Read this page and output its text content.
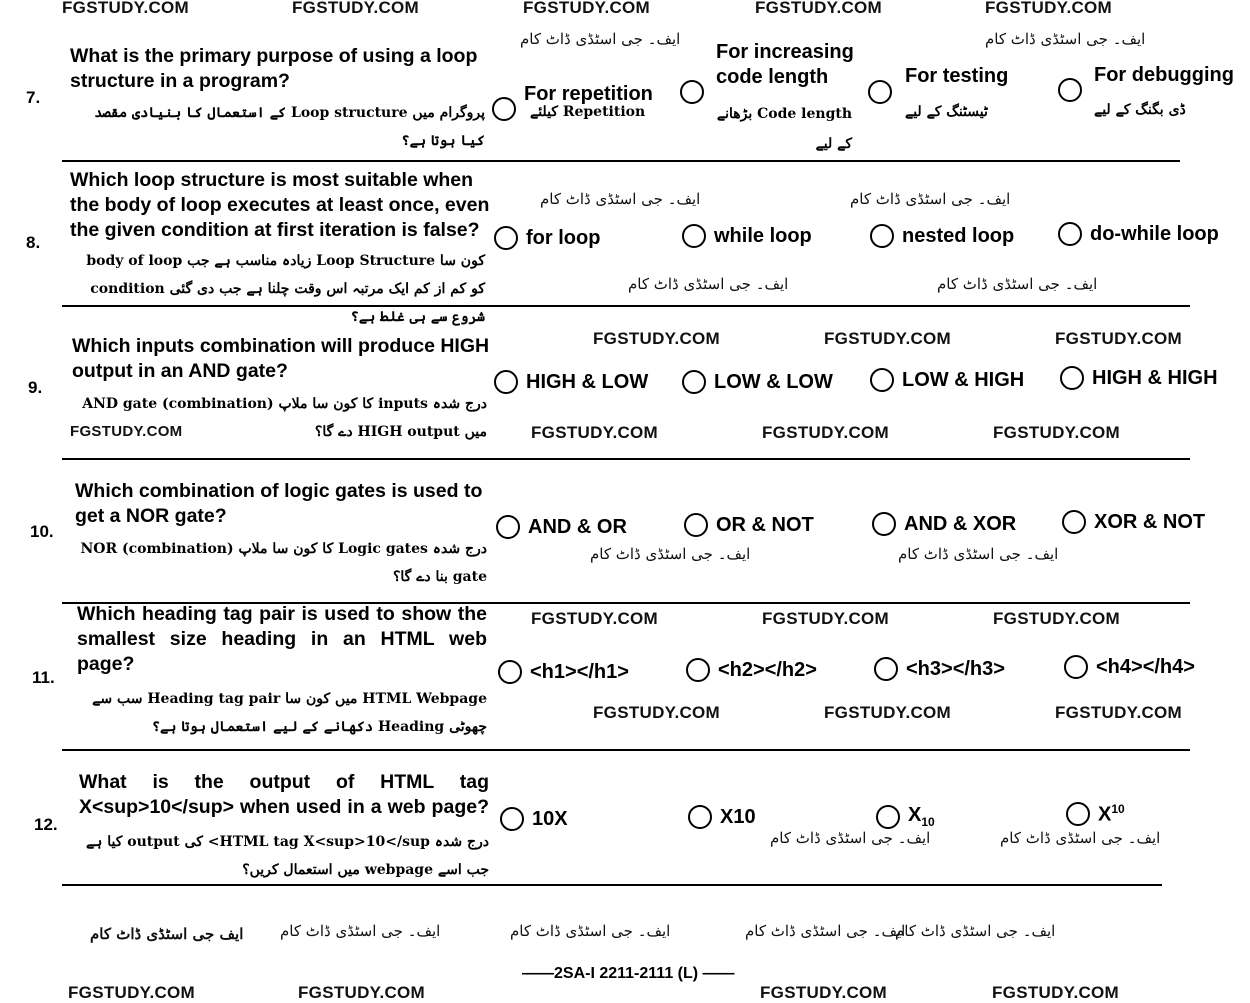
FGSTUDY.COM	FGSTUDY.COM	FGSTUDY.COM	FGSTUDY.COM	FGSTUDY.COM
FGSTUDY.COM	FGSTUDY.COM	FGSTUDY.COM
FGSTUDY.COM	FGSTUDY.COM	FGSTUDY.COM	FGSTUDY.COM
FGSTUDY.COM	FGSTUDY.COM	FGSTUDY.COM
FGSTUDY.COM	FGSTUDY.COM	FGSTUDY.COM
FGSTUDY.COM	FGSTUDY.COM	FGSTUDY.COM	FGSTUDY.COM
ایف۔ جی اسٹڈی ڈاٹ کام	ایف۔ جی اسٹڈی ڈاٹ کام
ایف۔ جی اسٹڈی ڈاٹ کام	ایف۔ جی اسٹڈی ڈاٹ کام
ایف۔ جی اسٹڈی ڈاٹ کام	ایف۔ جی اسٹڈی ڈاٹ کام
ایف۔ جی اسٹڈی ڈاٹ کام	ایف۔ جی اسٹڈی ڈاٹ کام
ایف۔ جی اسٹڈی ڈاٹ کام	ایف۔ جی اسٹڈی ڈاٹ کام
7.
What is the primary purpose of using a loop structure in a program?
پروگرام میں Loop structure کے استعمال کا بنیادی مقصد کیا ہوتا ہے؟
For repetition
Repetition کیلئے
For increasing code length
Code length بڑھانے کے لیے
For testing
ٹیسٹنگ کے لیے
For debugging
ڈی بگنگ کے لیے
8.
Which loop structure is most suitable when the body of loop executes at least once, even the given condition at first iteration is false?
کون سا Loop Structure زیادہ مناسب ہے جب body of loop کو کم از کم ایک مرتبہ اس وقت چلنا ہے جب دی گئی condition شروع سے ہی غلط ہے؟
for loop	while loop	nested loop	do-while loop
9.
Which inputs combination will produce HIGH output in an AND gate?
درج شدہ inputs کا کون سا ملاپ (combination) AND gate میں HIGH output دے گا؟
HIGH & LOW	LOW & LOW	LOW & HIGH	HIGH & HIGH
10.
Which combination of logic gates is used to get a NOR gate?
درج شدہ Logic gates کا کون سا ملاپ (combination) NOR gate بنا دے گا؟
AND & OR	OR & NOT	AND & XOR	XOR & NOT
11.
Which heading tag pair is used to show the smallest size heading in an HTML web page?
HTML Webpage میں کون سا Heading tag pair سب سے چھوٹی Heading دکھانے کے لیے استعمال ہوتا ہے؟
<h1></h1>	<h2></h2>	<h3></h3>	<h4></h4>
12.
What is the output of HTML tag X<sup>10</sup> when used in a web page?
درج شدہ HTML tag X<sup>10</sup> کی output کیا ہے جب اسے webpage میں استعمال کریں؟
10X	X10	$X_{10}$	$X^{10}$
ایف جی اسٹڈی ڈاٹ کام ایف۔ جی اسٹڈی ڈاٹ کام	ایف۔ جی اسٹڈی ڈاٹ کام	ایف۔ جی اسٹڈی ڈاٹ کام
ایف۔ جی اسٹڈی ڈاٹ کام
——2SA-I 2211-2111 (L) ——
